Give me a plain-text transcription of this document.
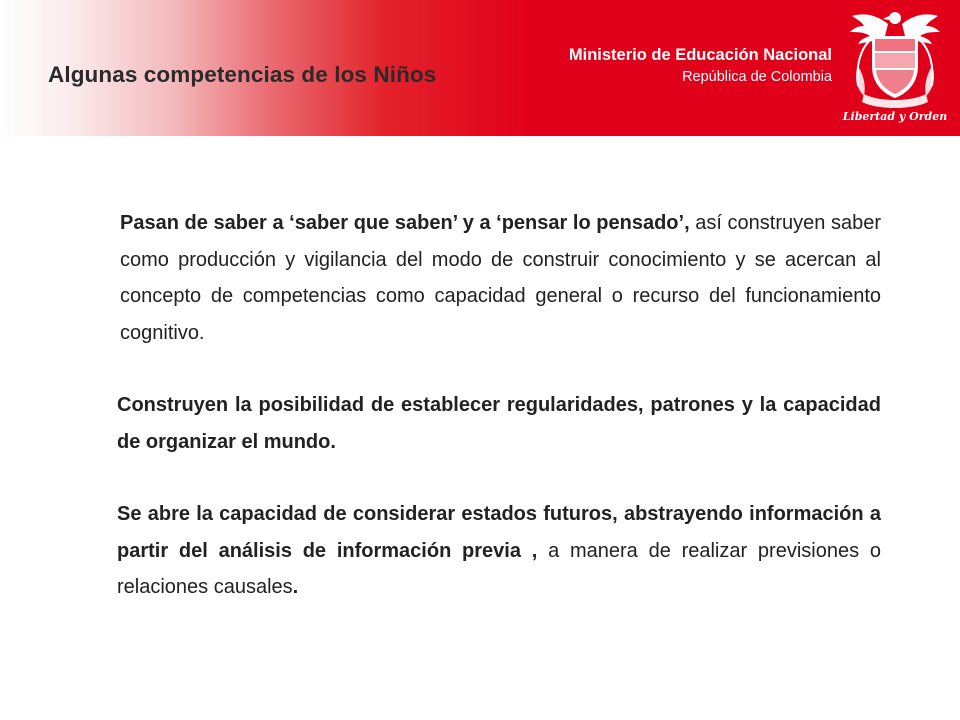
Algunas competencias de los Niños
Ministerio de Educación Nacional
República de Colombia
Libertad y Orden

Pasan de saber a ‘saber que saben’ y a ‘pensar lo pensado’, así construyen saber como producción y vigilancia del modo de construir conocimiento y se acercan al concepto de competencias como capacidad general o recurso del funcionamiento cognitivo.

Construyen la posibilidad de establecer regularidades, patrones y la capacidad de organizar el mundo.

Se abre la capacidad de considerar estados futuros, abstrayendo información a partir del análisis de información previa , a manera de realizar previsiones o relaciones causales.
